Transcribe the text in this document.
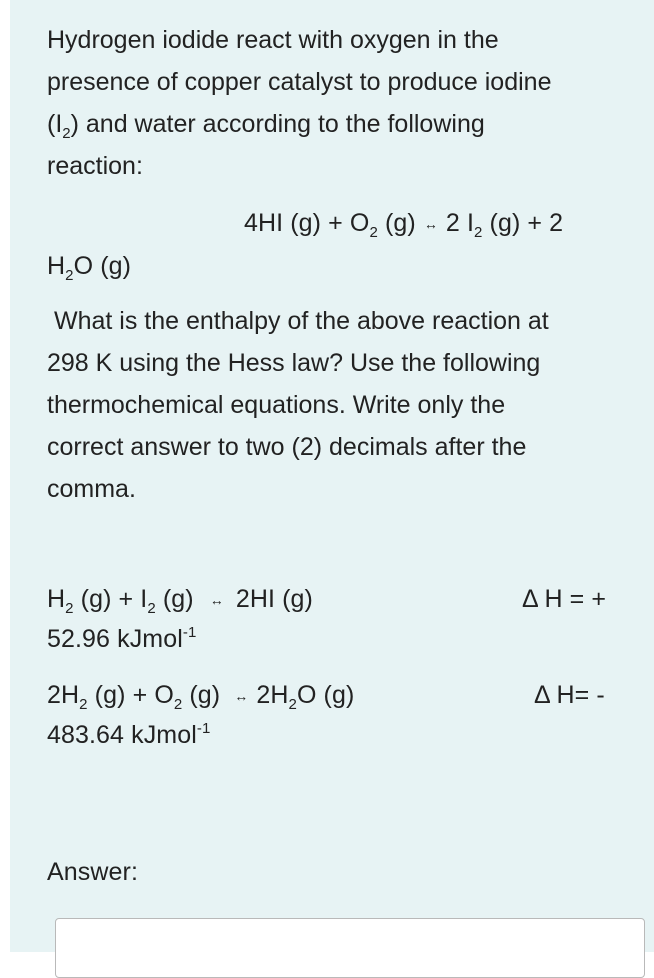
Hydrogen iodide react with oxygen in the
presence of copper catalyst to produce iodine
$(I_2)$ and water according to the following
reaction:
4HI $(g) + O_2$ (g) ↔ 2 $I_2$ (g) + 2
$H_2O$ (g)
What is the enthalpy of the above reaction at
298 K using the Hess law? Use the following
thermochemical equations. Write only the
correct answer to two (2) decimals after the
comma.
$H_2$ $(g) + I_2$ (g) ↔ 2HI (g)	Δ H = +
52.96 kJmol$^{-1}$
$2H_2$ $(g) + O_2$ (g) ↔ $2H_2O$ (g)	Δ H= -
483.64 kJmol$^{-1}$
Answer:
